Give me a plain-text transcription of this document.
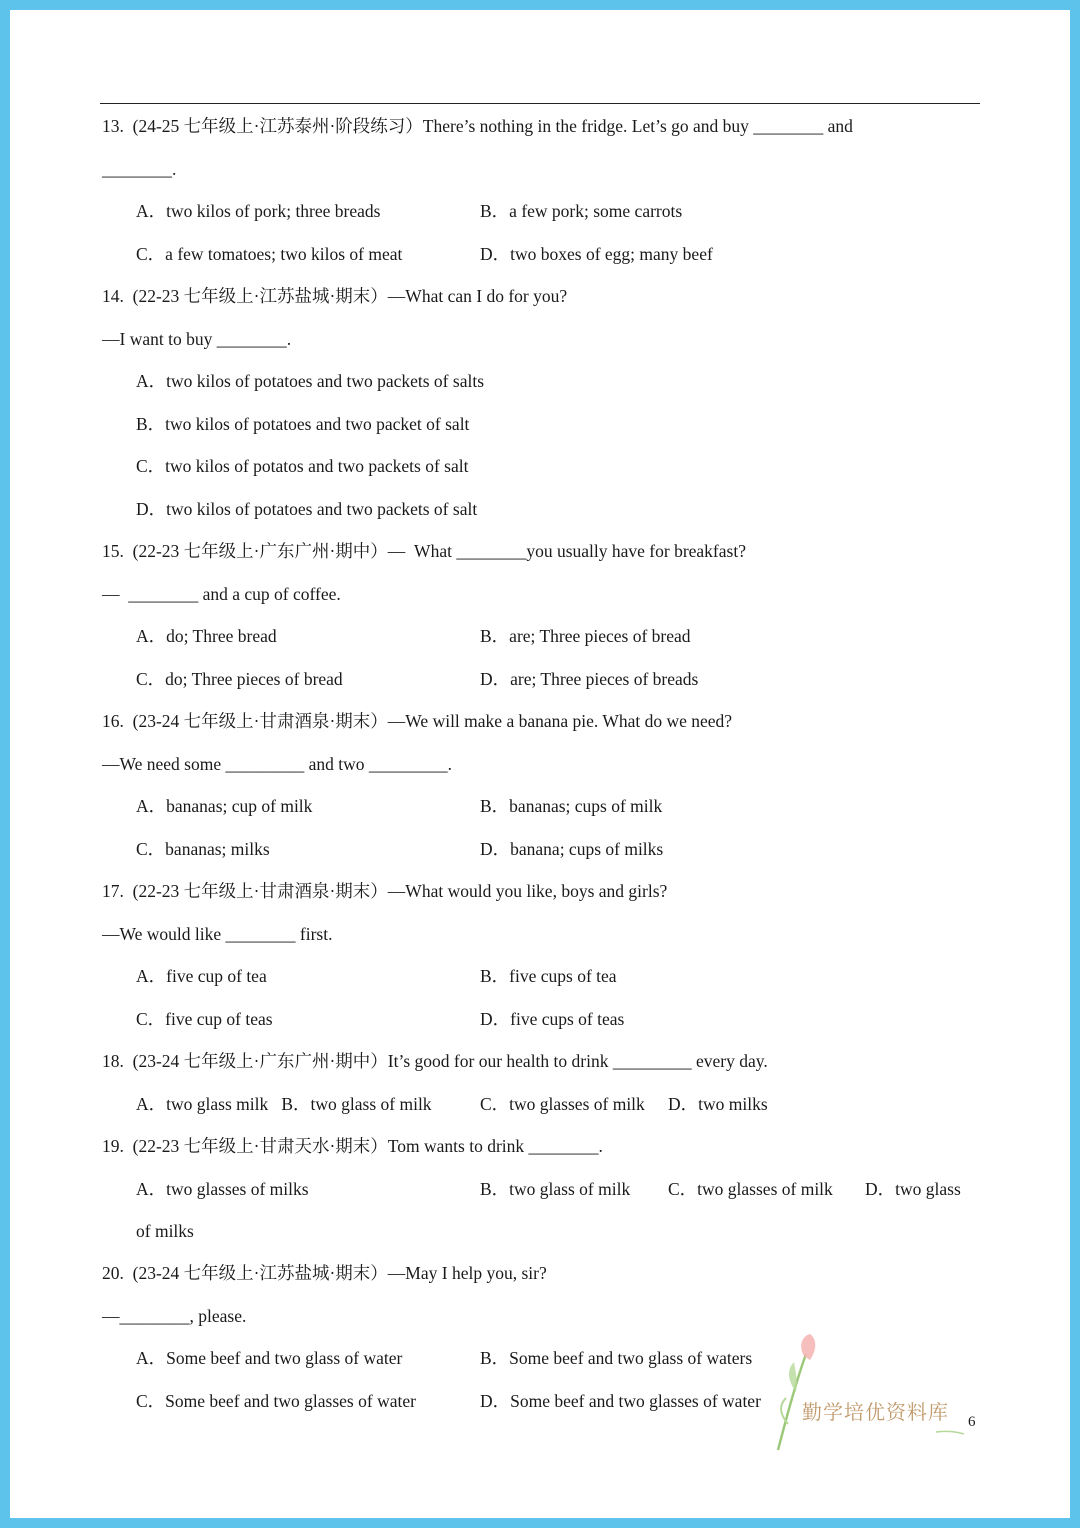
13.  (24-25 七年级上·江苏泰州·阶段练习）There’s nothing in the fridge. Let’s go and buy ________ and
________.
A．two kilos of pork; three breads	B．a few pork; some carrots
C．a few tomatoes; two kilos of meat	D．two boxes of egg; many beef
14.  (22-23 七年级上·江苏盐城·期末）—What can I do for you?
—I want to buy ________.
A．two kilos of potatoes and two packets of salts
B．two kilos of potatoes and two packet of salt
C．two kilos of potatos and two packets of salt
D．two kilos of potatoes and two packets of salt
15.  (22-23 七年级上·广东广州·期中）—  What ________you usually have for breakfast?
—  ________ and a cup of coffee.
A．do; Three bread	B．are; Three pieces of bread
C．do; Three pieces of bread	D．are; Three pieces of breads
16.  (23-24 七年级上·甘肃酒泉·期末）—We will make a banana pie. What do we need?
—We need some _________ and two _________.
A．bananas; cup of milk	B．bananas; cups of milk
C．bananas; milks	D．banana; cups of milks
17.  (22-23 七年级上·甘肃酒泉·期末）—What would you like, boys and girls?
—We would like ________ first.
A．five cup of tea	B．five cups of tea
C．five cup of teas	D．five cups of teas
18.  (23-24 七年级上·广东广州·期中）It’s good for our health to drink _________ every day.
A．two glass milk   B．two glass of milk	C．two glasses of milk D．two milks
19.  (22-23 七年级上·甘肃天水·期末）Tom wants to drink ________.
A．two glasses of milks	B．two glass of milk C．two glasses of milk D．two glass
of milks
20.  (23-24 七年级上·江苏盐城·期末）—May I help you, sir?
—________, please.
A．Some beef and two glass of water	B．Some beef and two glass of waters
C．Some beef and two glasses of water	D．Some beef and two glasses of water 勤学培优资料库 6
